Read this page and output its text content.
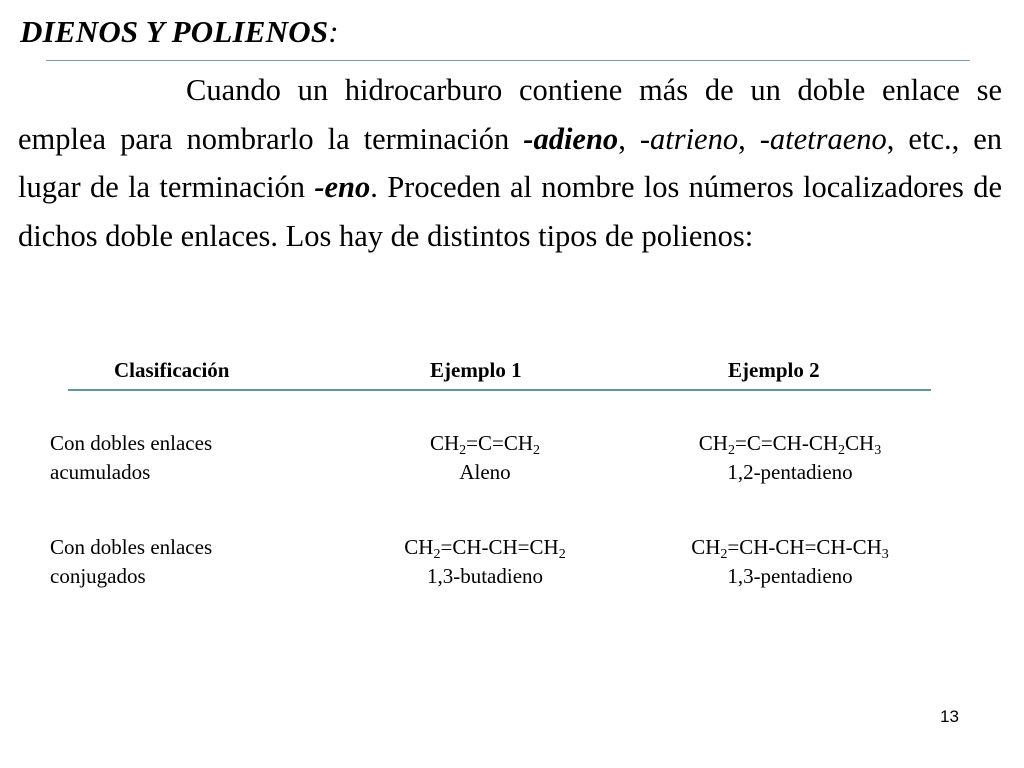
DIENOS Y POLIENOS:
Cuando un hidrocarburo contiene más de un doble enlace se emplea para nombrarlo la terminación -adieno, -atrieno, -atetraeno, etc., en lugar de la terminación -eno. Proceden al nombre los números localizadores de dichos doble enlaces. Los hay de distintos tipos de polienos:
Clasificación	Ejemplo 1	Ejemplo 2
Con dobles enlaces
acumulados
$CH_2=C=CH_2$
Aleno
$CH_2=C=CH-CH_2CH_3$
1,2-pentadieno
Con dobles enlaces
conjugados
$CH_2=CH-CH=CH_2$
1,3-butadieno
$CH_2=CH-CH=CH-CH_3$
1,3-pentadieno
13
